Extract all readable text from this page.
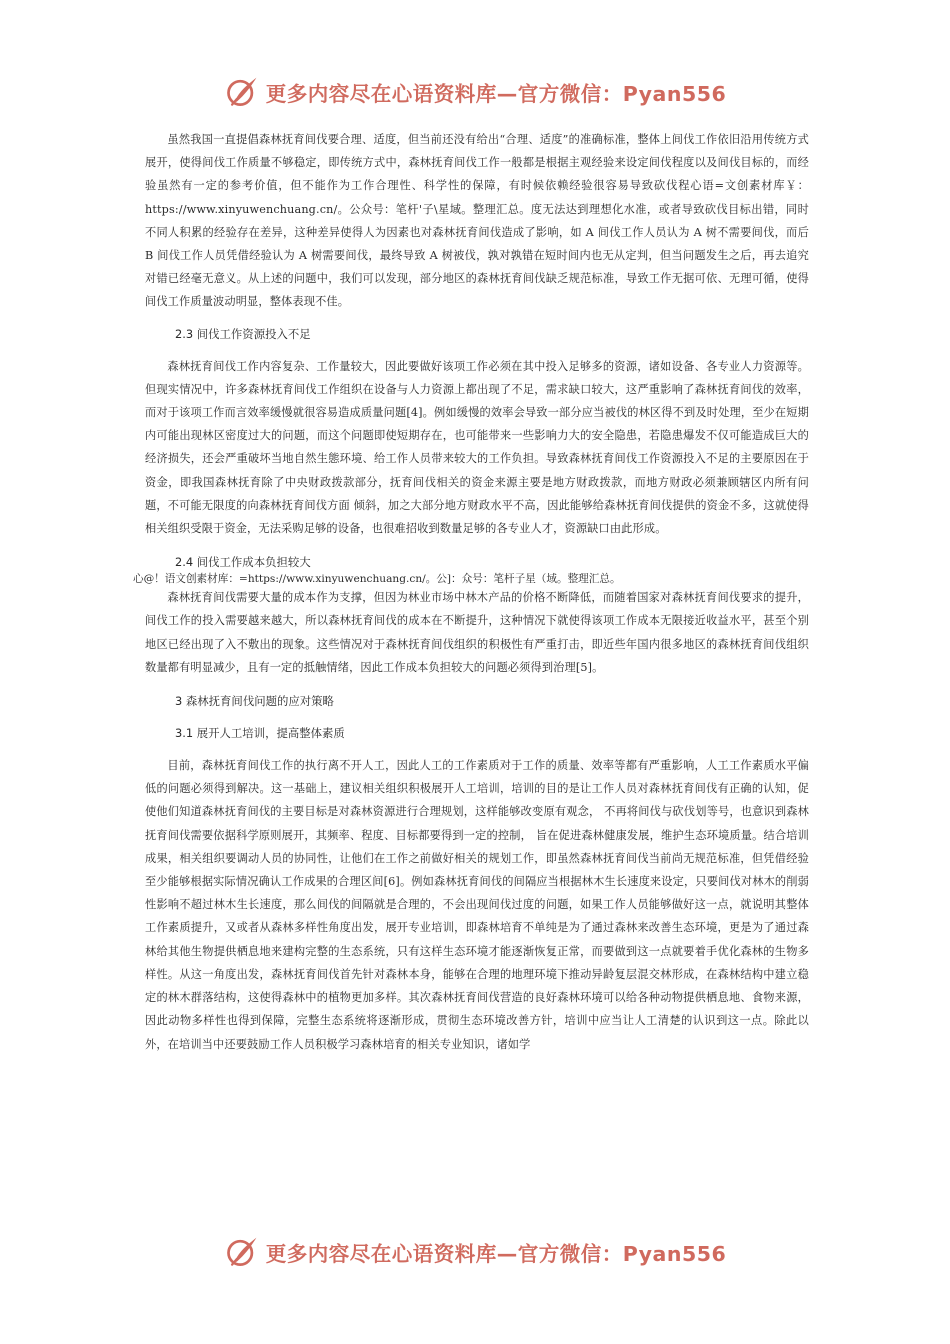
更多内容尽在心语资料库—官方微信：Pyan556

虽然我国一直提倡森林抚育间伐要合理、适度，但当前还没有给出“合理、适度”的准确标准，整体上间伐工作依旧沿用传统方式展开，使得间伐工作质量不够稳定，即传统方式中，森林抚育间伐工作一般都是根据主观经验来设定间伐程度以及间伐目标的，而经验虽然有一定的参考价值，但不能作为工作合理性、科学性的保障，有时候依赖经验很容易导致砍伐程心语=文创素材库￥：https://www.xinyuwenchuang.cn/。公众号：笔杆'子\星域。整理汇总。度无法达到理想化水准，或者导致砍伐目标出错，同时不同人积累的经验存在差异，这种差异使得人为因素也对森林抚育间伐造成了影响，如 A 间伐工作人员认为 A 树不需要间伐，而后 B 间伐工作人员凭借经验认为 A 树需要间伐，最终导致 A 树被伐，孰对孰错在短时间内也无从定判，但当问题发生之后，再去追究对错已经毫无意义。从上述的问题中，我们可以发现，部分地区的森林抚育间伐缺乏规范标准，导致工作无据可依、无理可循，使得间伐工作质量波动明显，整体表现不佳。

2.3 间伐工作资源投入不足

森林抚育间伐工作内容复杂、工作量较大，因此要做好该项工作必须在其中投入足够多的资源，诸如设备、各专业人力资源等。但现实情况中，许多森林抚育间伐工作组织在设备与人力资源上都出现了不足，需求缺口较大，这严重影响了森林抚育间伐的效率，而对于该项工作而言效率缓慢就很容易造成质量问题[4]。例如缓慢的效率会导致一部分应当被伐的林区得不到及时处理，至少在短期内可能出现林区密度过大的问题，而这个问题即使短期存在，也可能带来一些影响力大的安全隐患，若隐患爆发不仅可能造成巨大的经济损失，还会严重破坏当地自然生態环境、给工作人员带来较大的工作负担。导致森林抚育间伐工作资源投入不足的主要原因在于资金，即我国森林抚育除了中央财政拨款部分，抚育间伐相关的资金来源主要是地方财政拨款，而地方财政必须兼顾辖区内所有问题，不可能无限度的向森林抚育间伐方面 倾斜，加之大部分地方财政水平不高，因此能够给森林抚育间伐提供的资金不多，这就使得相关组织受限于资金，无法采购足够的设备，也很难招收到数量足够的各专业人才，资源缺口由此形成。

2.4 间伐工作成本负担较大

心@！语文创素材库：=https://www.xinyuwenchuang.cn/。公]：众号：笔杆子星（域。整理汇总。

森林抚育间伐需要大量的成本作为支撑，但因为林业市场中林木产品的价格不断降低，而随着国家对森林抚育间伐要求的提升，间伐工作的投入需要越来越大，所以森林抚育间伐的成本在不断提升，这种情况下就使得该项工作成本无限接近收益水平，甚至个别地区已经出现了入不敷出的现象。这些情况对于森林抚育间伐组织的积极性有严重打击，即近些年国内很多地区的森林抚育间伐组织数量都有明显减少，且有一定的抵触情绪，因此工作成本负担较大的问题必须得到治理[5]。

3 森林抚育间伐问题的应对策略

3.1 展开人工培训，提高整体素质

目前，森林抚育间伐工作的执行离不开人工，因此人工的工作素质对于工作的质量、效率等都有严重影响，人工工作素质水平偏低的问题必须得到解决。这一基础上，建议相关组织积极展开人工培训，培训的目的是让工作人员对森林抚育间伐有正确的认知，促使他们知道森林抚育间伐的主要目标是对森林资源进行合理规划，这样能够改变原有观念， 不再将间伐与砍伐划等号，也意识到森林抚育间伐需要依据科学原则展开，其频率、程度、目标都要得到一定的控制， 旨在促进森林健康发展，维护生态环境质量。结合培训成果，相关组织要调动人员的协同性，让他们在工作之前做好相关的规划工作，即虽然森林抚育间伐当前尚无规范标准，但凭借经验至少能够根据实际情况确认工作成果的合理区间[6]。例如森林抚育间伐的间隔应当根据林木生长速度来设定，只要间伐对林木的削弱性影响不超过林木生长速度，那么间伐的间隔就是合理的，不会出现间伐过度的问题，如果工作人员能够做好这一点，就说明其整体工作素质提升，又或者从森林多样性角度出发，展开专业培训，即森林培育不单纯是为了通过森林来改善生态环境，更是为了通过森林给其他生物提供栖息地来建构完整的生态系统，只有这样生态环境才能逐渐恢复正常，而要做到这一点就要着手优化森林的生物多样性。从这一角度出发，森林抚育间伐首先针对森林本身，能够在合理的地理环境下推动异龄复层混交林形成，在森林结构中建立稳定的林木群落结构，这使得森林中的植物更加多样。其次森林抚育间伐营造的良好森林环境可以给各种动物提供栖息地、食物来源，因此动物多样性也得到保障，完整生态系统将逐渐形成，贯彻生态环境改善方针，培训中应当让人工清楚的认识到这一点。除此以外，在培训当中还要鼓励工作人员积极学习森林培育的相关专业知识，诸如学

更多内容尽在心语资料库—官方微信：Pyan556
